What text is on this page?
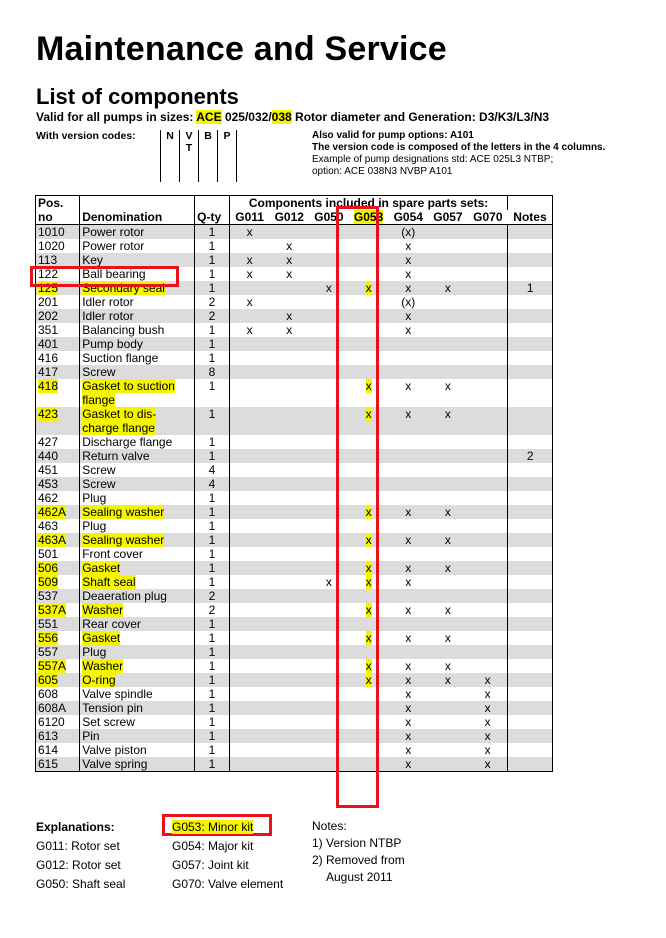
Maintenance and Service
List of components
Valid for all pumps in sizes: ACE 025/032/038 Rotor diameter and Generation: D3/K3/L3/N3
With version codes:	N	V
T
B	P	Also valid for pump options: A101
The version code is composed of the letters in the 4 columns.
Example of pump designations std: ACE 025L3 NTBP;
option: ACE 038N3 NVBP A101
Pos.			Components included in spare parts sets:							
no	Denomination	Q-ty	G011	G012	G050	G053	G054	G057	G070	Notes
1010	Power rotor	1	x				(x)			
1020	Power rotor	1		x			x			
113	Key	1	x	x			x			
122	Ball bearing	1	x	x			x			
125	Secondary seal	1			x	x	x	x		1
201	Idler rotor	2	x				(x)			
202	Idler rotor	2		x			x			
351	Balancing bush	1	x	x			x			
401	Pump body	1								
416	Suction flange	1								
417	Screw	8								
418	Gasket to suction flange	1				x	x	x		
423	Gasket to dis-charge flange	1				x	x	x		
427	Discharge flange	1								
440	Return valve	1								2
451	Screw	4								
453	Screw	4								
462	Plug	1								
462A	Sealing washer	1				x	x	x		
463	Plug	1								
463A	Sealing washer	1				x	x	x		
501	Front cover	1								
506	Gasket	1				x	x	x		
509	Shaft seal	1			x	x	x			
537	Deaeration plug	2								
537A	Washer	2				x	x	x		
551	Rear cover	1								
556	Gasket	1				x	x	x		
557	Plug	1								
557A	Washer	1				x	x	x		
605	O-ring	1				x	x	x	x	
608	Valve spindle	1					x		x	
608A	Tension pin	1					x		x	
6120	Set screw	1					x		x	
613	Pin	1					x		x	
614	Valve piston	1					x		x	
615	Valve spring	1					x		x	
Explanations:
G011: Rotor set
G012: Rotor set
G050: Shaft seal
G053: Minor kit
G054: Major kit
G057: Joint kit
G070: Valve element
Notes:
1) Version NTBP
2) Removed from
August 2011
